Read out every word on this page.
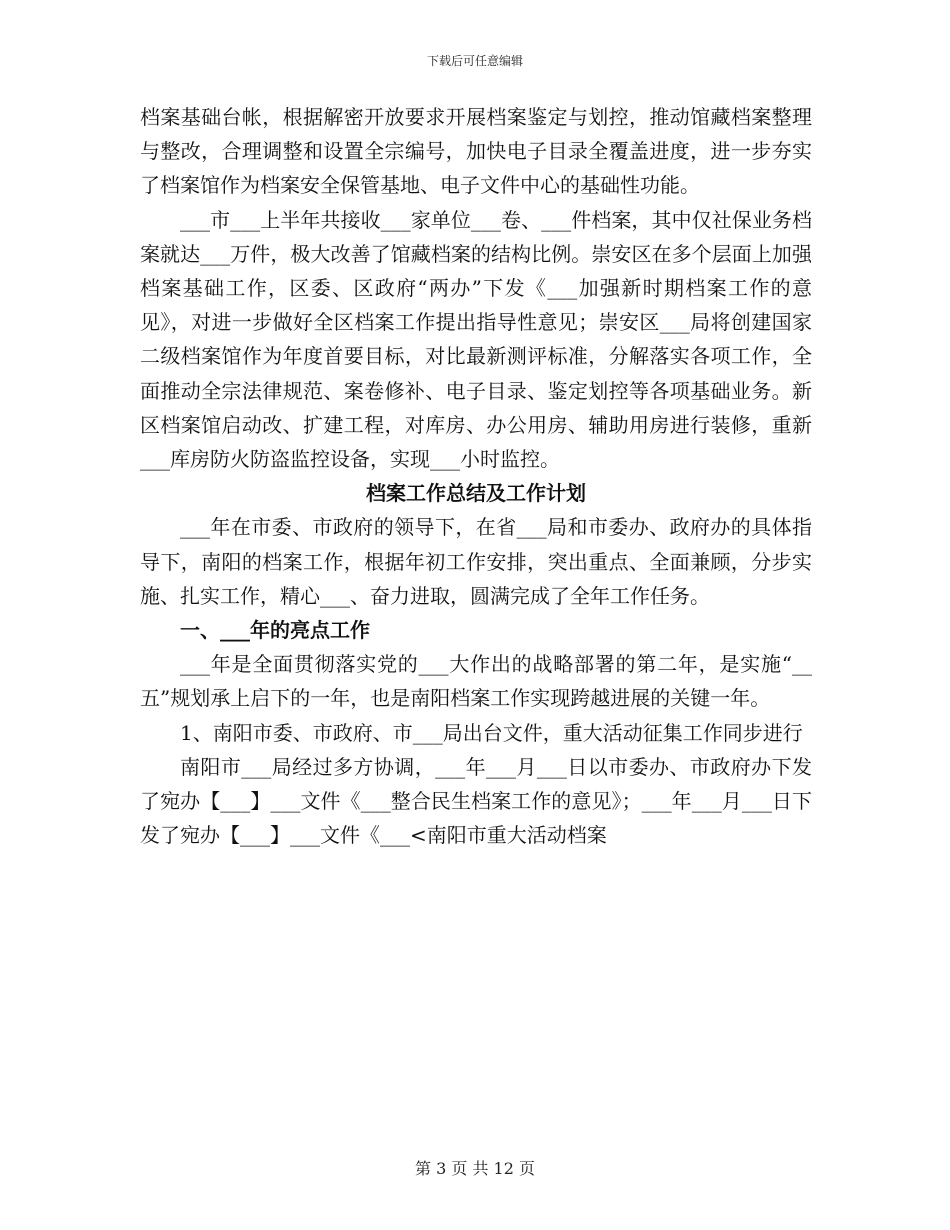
下载后可任意编辑

档案基础台帐，根据解密开放要求开展档案鉴定与划控，推动馆藏档案整理与整改，合理调整和设置全宗编号，加快电子目录全覆盖进度，进一步夯实了档案馆作为档案安全保管基地、电子文件中心的基础性功能。

___市___上半年共接收___家单位___卷、___件档案，其中仅社保业务档案就达___万件，极大改善了馆藏档案的结构比例。崇安区在多个层面上加强档案基础工作，区委、区政府“两办”下发《___加强新时期档案工作的意见》，对进一步做好全区档案工作提出指导性意见；崇安区___局将创建国家二级档案馆作为年度首要目标，对比最新测评标准，分解落实各项工作，全面推动全宗法律规范、案卷修补、电子目录、鉴定划控等各项基础业务。新区档案馆启动改、扩建工程，对库房、办公用房、辅助用房进行装修，重新___库房防火防盗监控设备，实现___小时监控。

档案工作总结及工作计划

___年在市委、市政府的领导下，在省___局和市委办、政府办的具体指导下，南阳的档案工作，根据年初工作安排，突出重点、全面兼顾，分步实施、扎实工作，精心___、奋力进取，圆满完成了全年工作任务。

一、___年的亮点工作

___年是全面贯彻落实党的___大作出的战略部署的第二年，是实施“__五”规划承上启下的一年，也是南阳档案工作实现跨越进展的关键一年。

1、南阳市委、市政府、市___局出台文件，重大活动征集工作同步进行

南阳市___局经过多方协调，___年___月___日以市委办、市政府办下发了宛办【___】___文件《___整合民生档案工作的意见》；___年___月___日下发了宛办【___】___文件《___<南阳市重大活动档案

第 3 页 共 12 页
